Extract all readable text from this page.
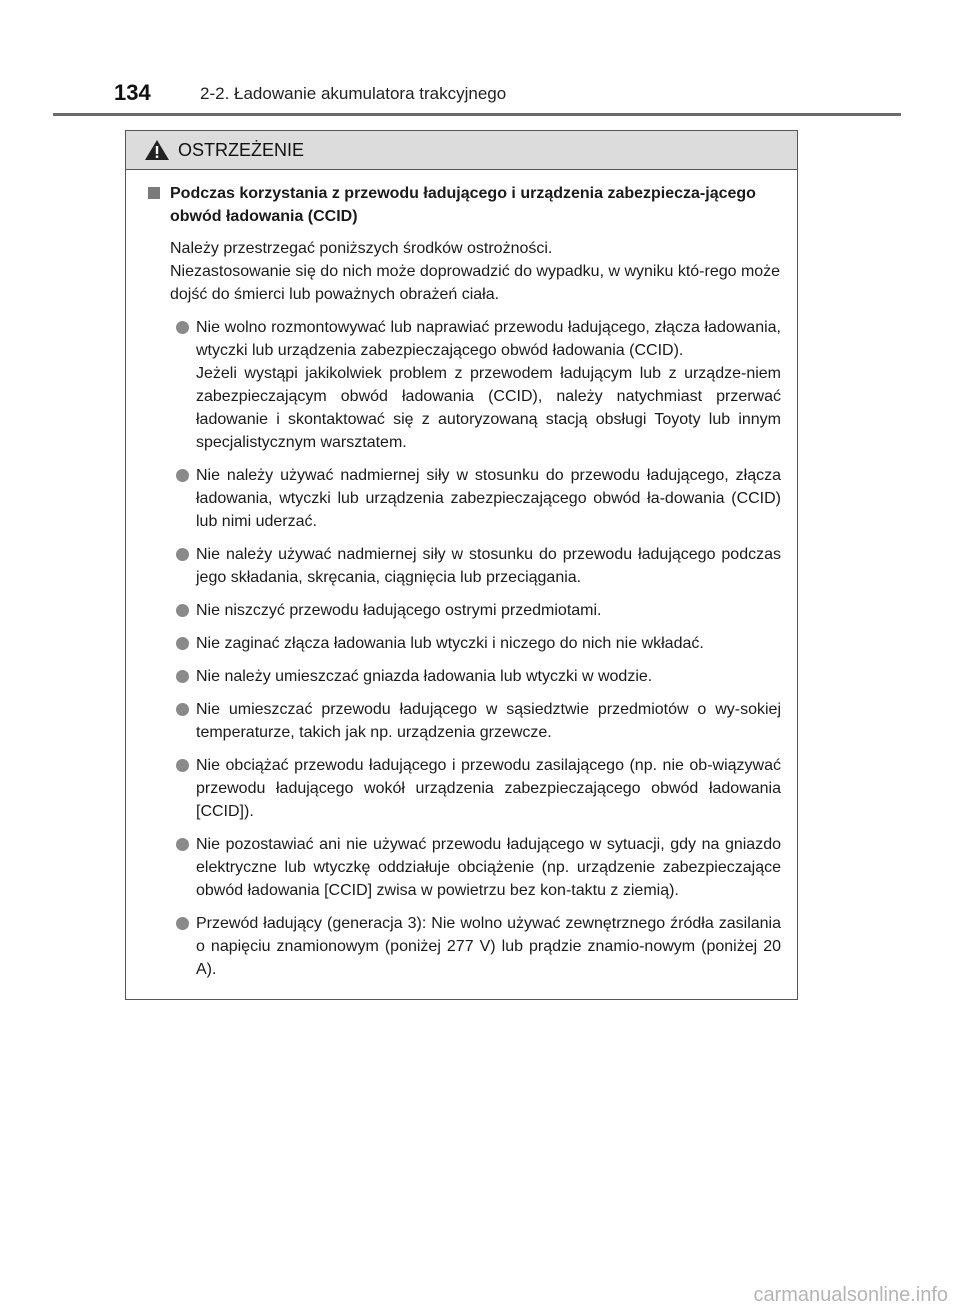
134	2-2. Ładowanie akumulatora trakcyjnego
OSTRZEŻENIE
Podczas korzystania z przewodu ładującego i urządzenia zabezpiecza-jącego obwód ładowania (CCID)
Należy przestrzegać poniższych środków ostrożności.
Niezastosowanie się do nich może doprowadzić do wypadku, w wyniku któ-rego może dojść do śmierci lub poważnych obrażeń ciała.
Nie wolno rozmontowywać lub naprawiać przewodu ładującego, złącza ładowania, wtyczki lub urządzenia zabezpieczającego obwód ładowania (CCID).
Jeżeli wystąpi jakikolwiek problem z przewodem ładującym lub z urządze-niem zabezpieczającym obwód ładowania (CCID), należy natychmiast przerwać ładowanie i skontaktować się z autoryzowaną stacją obsługi Toyoty lub innym specjalistycznym warsztatem.
Nie należy używać nadmiernej siły w stosunku do przewodu ładującego, złącza ładowania, wtyczki lub urządzenia zabezpieczającego obwód ła-dowania (CCID) lub nimi uderzać.
Nie należy używać nadmiernej siły w stosunku do przewodu ładującego podczas jego składania, skręcania, ciągnięcia lub przeciągania.
Nie niszczyć przewodu ładującego ostrymi przedmiotami.
Nie zaginać złącza ładowania lub wtyczki i niczego do nich nie wkładać.
Nie należy umieszczać gniazda ładowania lub wtyczki w wodzie.
Nie umieszczać przewodu ładującego w sąsiedztwie przedmiotów o wy-sokiej temperaturze, takich jak np. urządzenia grzewcze.
Nie obciążać przewodu ładującego i przewodu zasilającego (np. nie ob-wiązywać przewodu ładującego wokół urządzenia zabezpieczającego obwód ładowania [CCID]).
Nie pozostawiać ani nie używać przewodu ładującego w sytuacji, gdy na gniazdo elektryczne lub wtyczkę oddziałuje obciążenie (np. urządzenie zabezpieczające obwód ładowania [CCID] zwisa w powietrzu bez kon-taktu z ziemią).
Przewód ładujący (generacja 3): Nie wolno używać zewnętrznego źródła zasilania o napięciu znamionowym (poniżej 277 V) lub prądzie znamio-nowym (poniżej 20 A).
carmanualsonline.info
